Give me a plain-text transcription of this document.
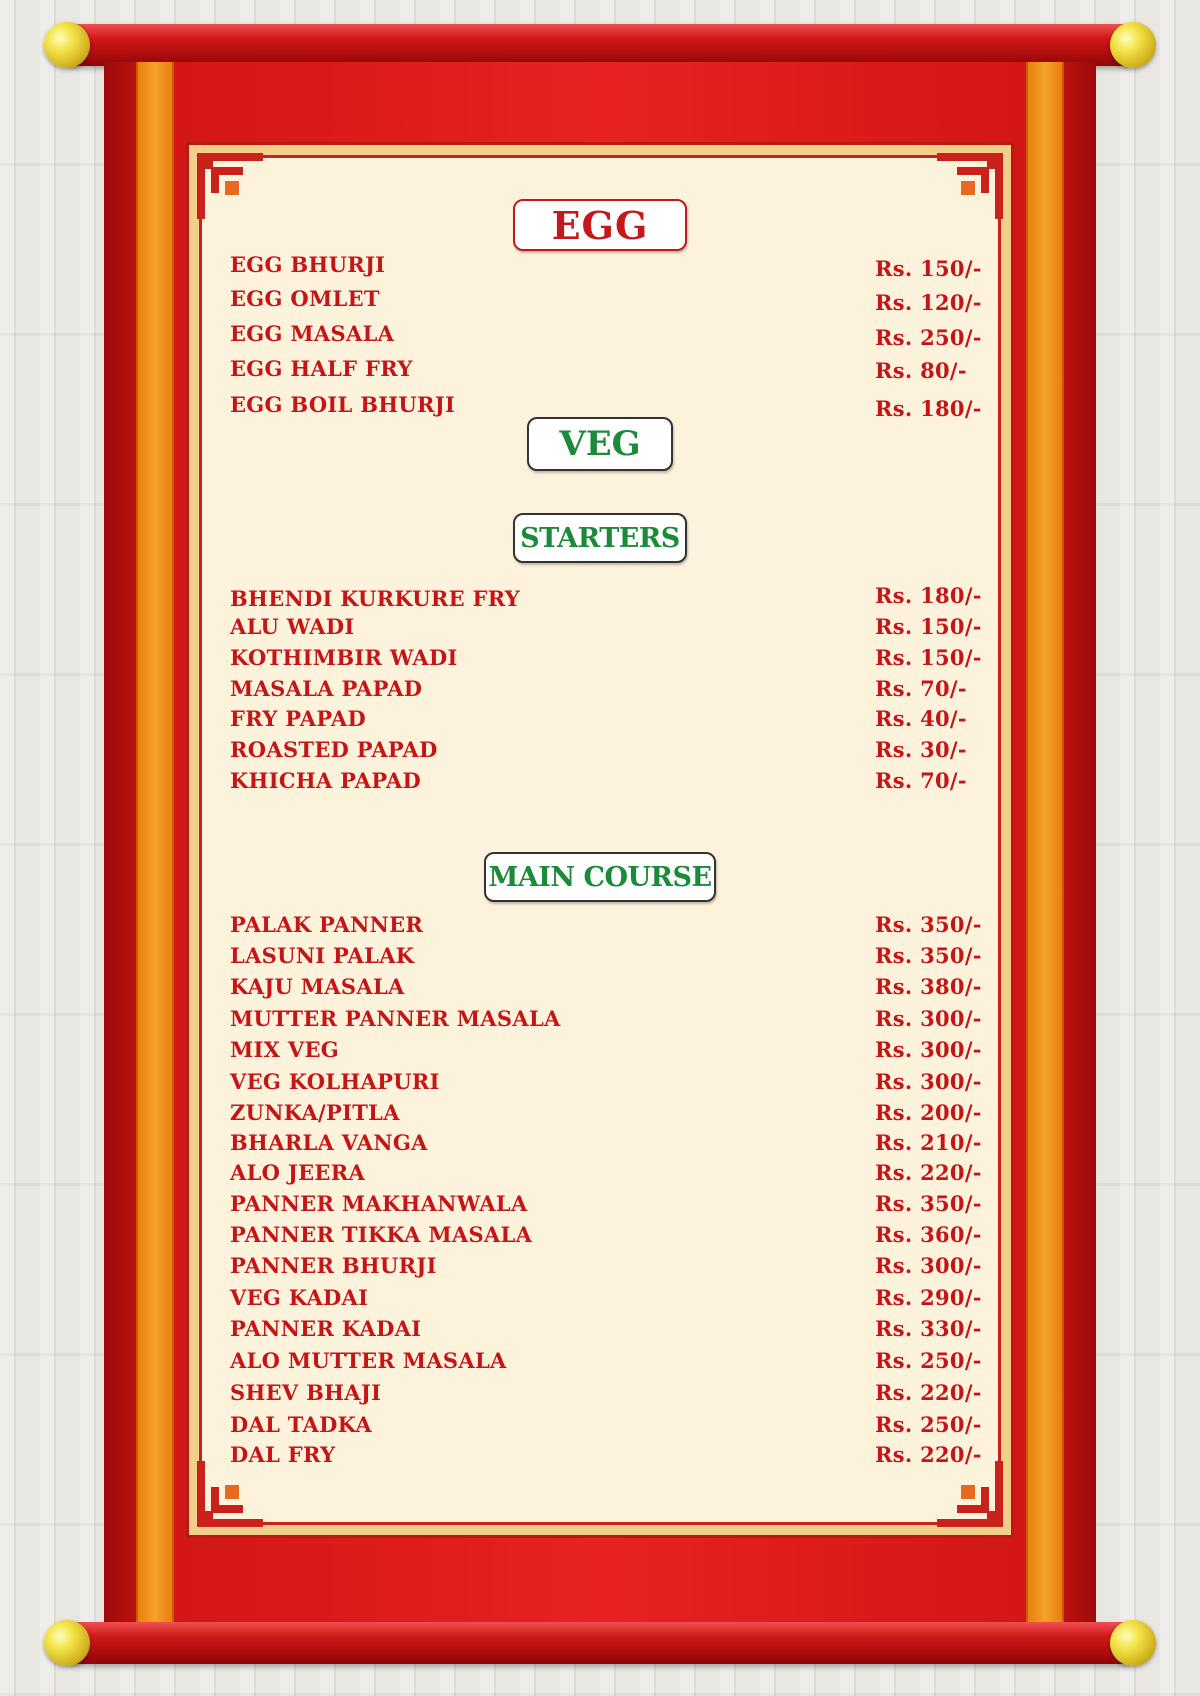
EGG
VEG
STARTERS
MAIN COURSE
EGG BHURJI	Rs. 150/-
EGG OMLET	Rs. 120/-
EGG MASALA	Rs. 250/-
EGG HALF FRY	Rs. 80/-
EGG BOIL BHURJI	Rs. 180/-
BHENDI KURKURE FRY	Rs. 180/-
ALU WADI	Rs. 150/-
KOTHIMBIR WADI	Rs. 150/-
MASALA PAPAD	Rs. 70/-
FRY PAPAD	Rs. 40/-
ROASTED PAPAD	Rs. 30/-
KHICHA PAPAD	Rs. 70/-
PALAK PANNER	Rs. 350/-
LASUNI PALAK	Rs. 350/-
KAJU MASALA	Rs. 380/-
MUTTER PANNER MASALA	Rs. 300/-
MIX VEG	Rs. 300/-
VEG KOLHAPURI	Rs. 300/-
ZUNKA/PITLA	Rs. 200/-
BHARLA VANGA	Rs. 210/-
ALO JEERA	Rs. 220/-
PANNER MAKHANWALA	Rs. 350/-
PANNER TIKKA MASALA	Rs. 360/-
PANNER BHURJI	Rs. 300/-
VEG KADAI	Rs. 290/-
PANNER KADAI	Rs. 330/-
ALO MUTTER MASALA	Rs. 250/-
SHEV BHAJI	Rs. 220/-
DAL TADKA	Rs. 250/-
DAL FRY	Rs. 220/-
